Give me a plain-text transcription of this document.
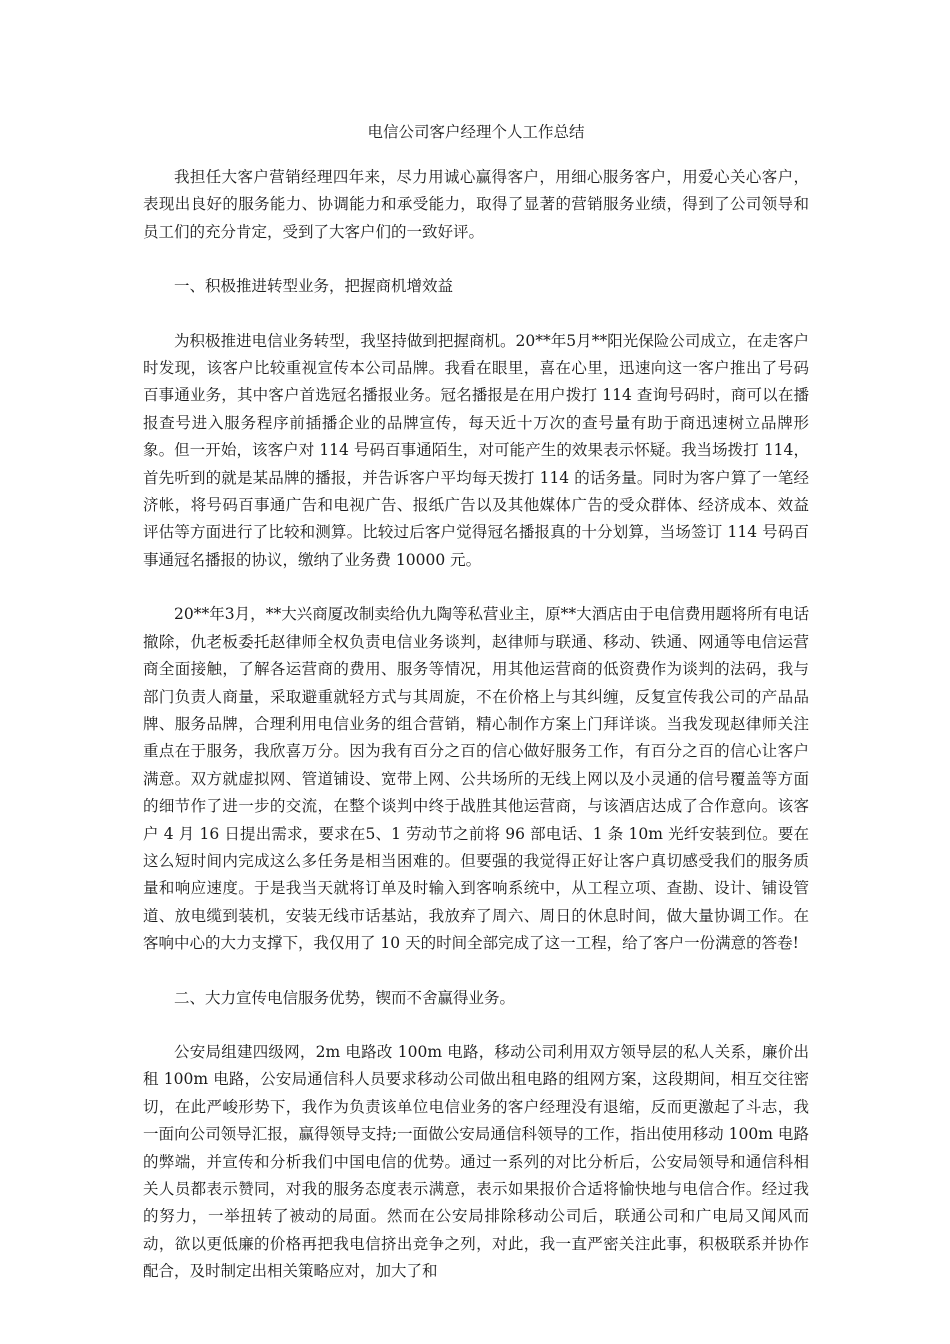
电信公司客户经理个人工作总结

我担任大客户营销经理四年来，尽力用诚心赢得客户，用细心服务客户，用爱心关心客户，表现出良好的服务能力、协调能力和承受能力，取得了显著的营销服务业绩，得到了公司领导和员工们的充分肯定，受到了大客户们的一致好评。

一、积极推进转型业务，把握商机增效益

为积极推进电信业务转型，我坚持做到把握商机。20**年5月**阳光保险公司成立，在走客户时发现，该客户比较重视宣传本公司品牌。我看在眼里，喜在心里，迅速向这一客户推出了号码百事通业务，其中客户首选冠名播报业务。冠名播报是在用户拨打 114 查询号码时，商可以在播报查号进入服务程序前插播企业的品牌宣传，每天近十万次的查号量有助于商迅速树立品牌形象。但一开始，该客户对 114 号码百事通陌生，对可能产生的效果表示怀疑。我当场拨打 114，首先听到的就是某品牌的播报，并告诉客户平均每天拨打 114 的话务量。同时为客户算了一笔经济帐，将号码百事通广告和电视广告、报纸广告以及其他媒体广告的受众群体、经济成本、效益评估等方面进行了比较和测算。比较过后客户觉得冠名播报真的十分划算，当场签订 114 号码百事通冠名播报的协议，缴纳了业务费 10000 元。

20**年3月，**大兴商厦改制卖给仇九陶等私营业主，原**大酒店由于电信费用题将所有电话撤除，仇老板委托赵律师全权负责电信业务谈判，赵律师与联通、移动、铁通、网通等电信运营商全面接触，了解各运营商的费用、服务等情况，用其他运营商的低资费作为谈判的法码，我与部门负责人商量，采取避重就轻方式与其周旋，不在价格上与其纠缠，反复宣传我公司的产品品牌、服务品牌，合理利用电信业务的组合营销，精心制作方案上门拜详谈。当我发现赵律师关注重点在于服务，我欣喜万分。因为我有百分之百的信心做好服务工作，有百分之百的信心让客户满意。双方就虚拟网、管道铺设、宽带上网、公共场所的无线上网以及小灵通的信号覆盖等方面的细节作了进一步的交流，在整个谈判中终于战胜其他运营商，与该酒店达成了合作意向。该客户 4 月 16 日提出需求，要求在5、1 劳动节之前将 96 部电话、1 条 10m 光纤安装到位。要在这么短时间内完成这么多任务是相当困难的。但要强的我觉得正好让客户真切感受我们的服务质量和响应速度。于是我当天就将订单及时输入到客响系统中，从工程立项、查勘、设计、铺设管道、放电缆到装机，安装无线市话基站，我放弃了周六、周日的休息时间，做大量协调工作。在客响中心的大力支撑下，我仅用了 10 天的时间全部完成了这一工程，给了客户一份满意的答卷!

二、大力宣传电信服务优势，锲而不舍赢得业务。

公安局组建四级网，2m 电路改 100m 电路，移动公司利用双方领导层的私人关系，廉价出租 100m 电路，公安局通信科人员要求移动公司做出租电路的组网方案，这段期间，相互交往密切，在此严峻形势下，我作为负责该单位电信业务的客户经理没有退缩，反而更激起了斗志，我一面向公司领导汇报，赢得领导支持;一面做公安局通信科领导的工作，指出使用移动 100m 电路的弊端，并宣传和分析我们中国电信的优势。通过一系列的对比分析后，公安局领导和通信科相关人员都表示赞同，对我的服务态度表示满意，表示如果报价合适将愉快地与电信合作。经过我的努力，一举扭转了被动的局面。然而在公安局排除移动公司后，联通公司和广电局又闻风而动，欲以更低廉的价格再把我电信挤出竞争之列，对此，我一直严密关注此事，积极联系并协作配合，及时制定出相关策略应对，加大了和
